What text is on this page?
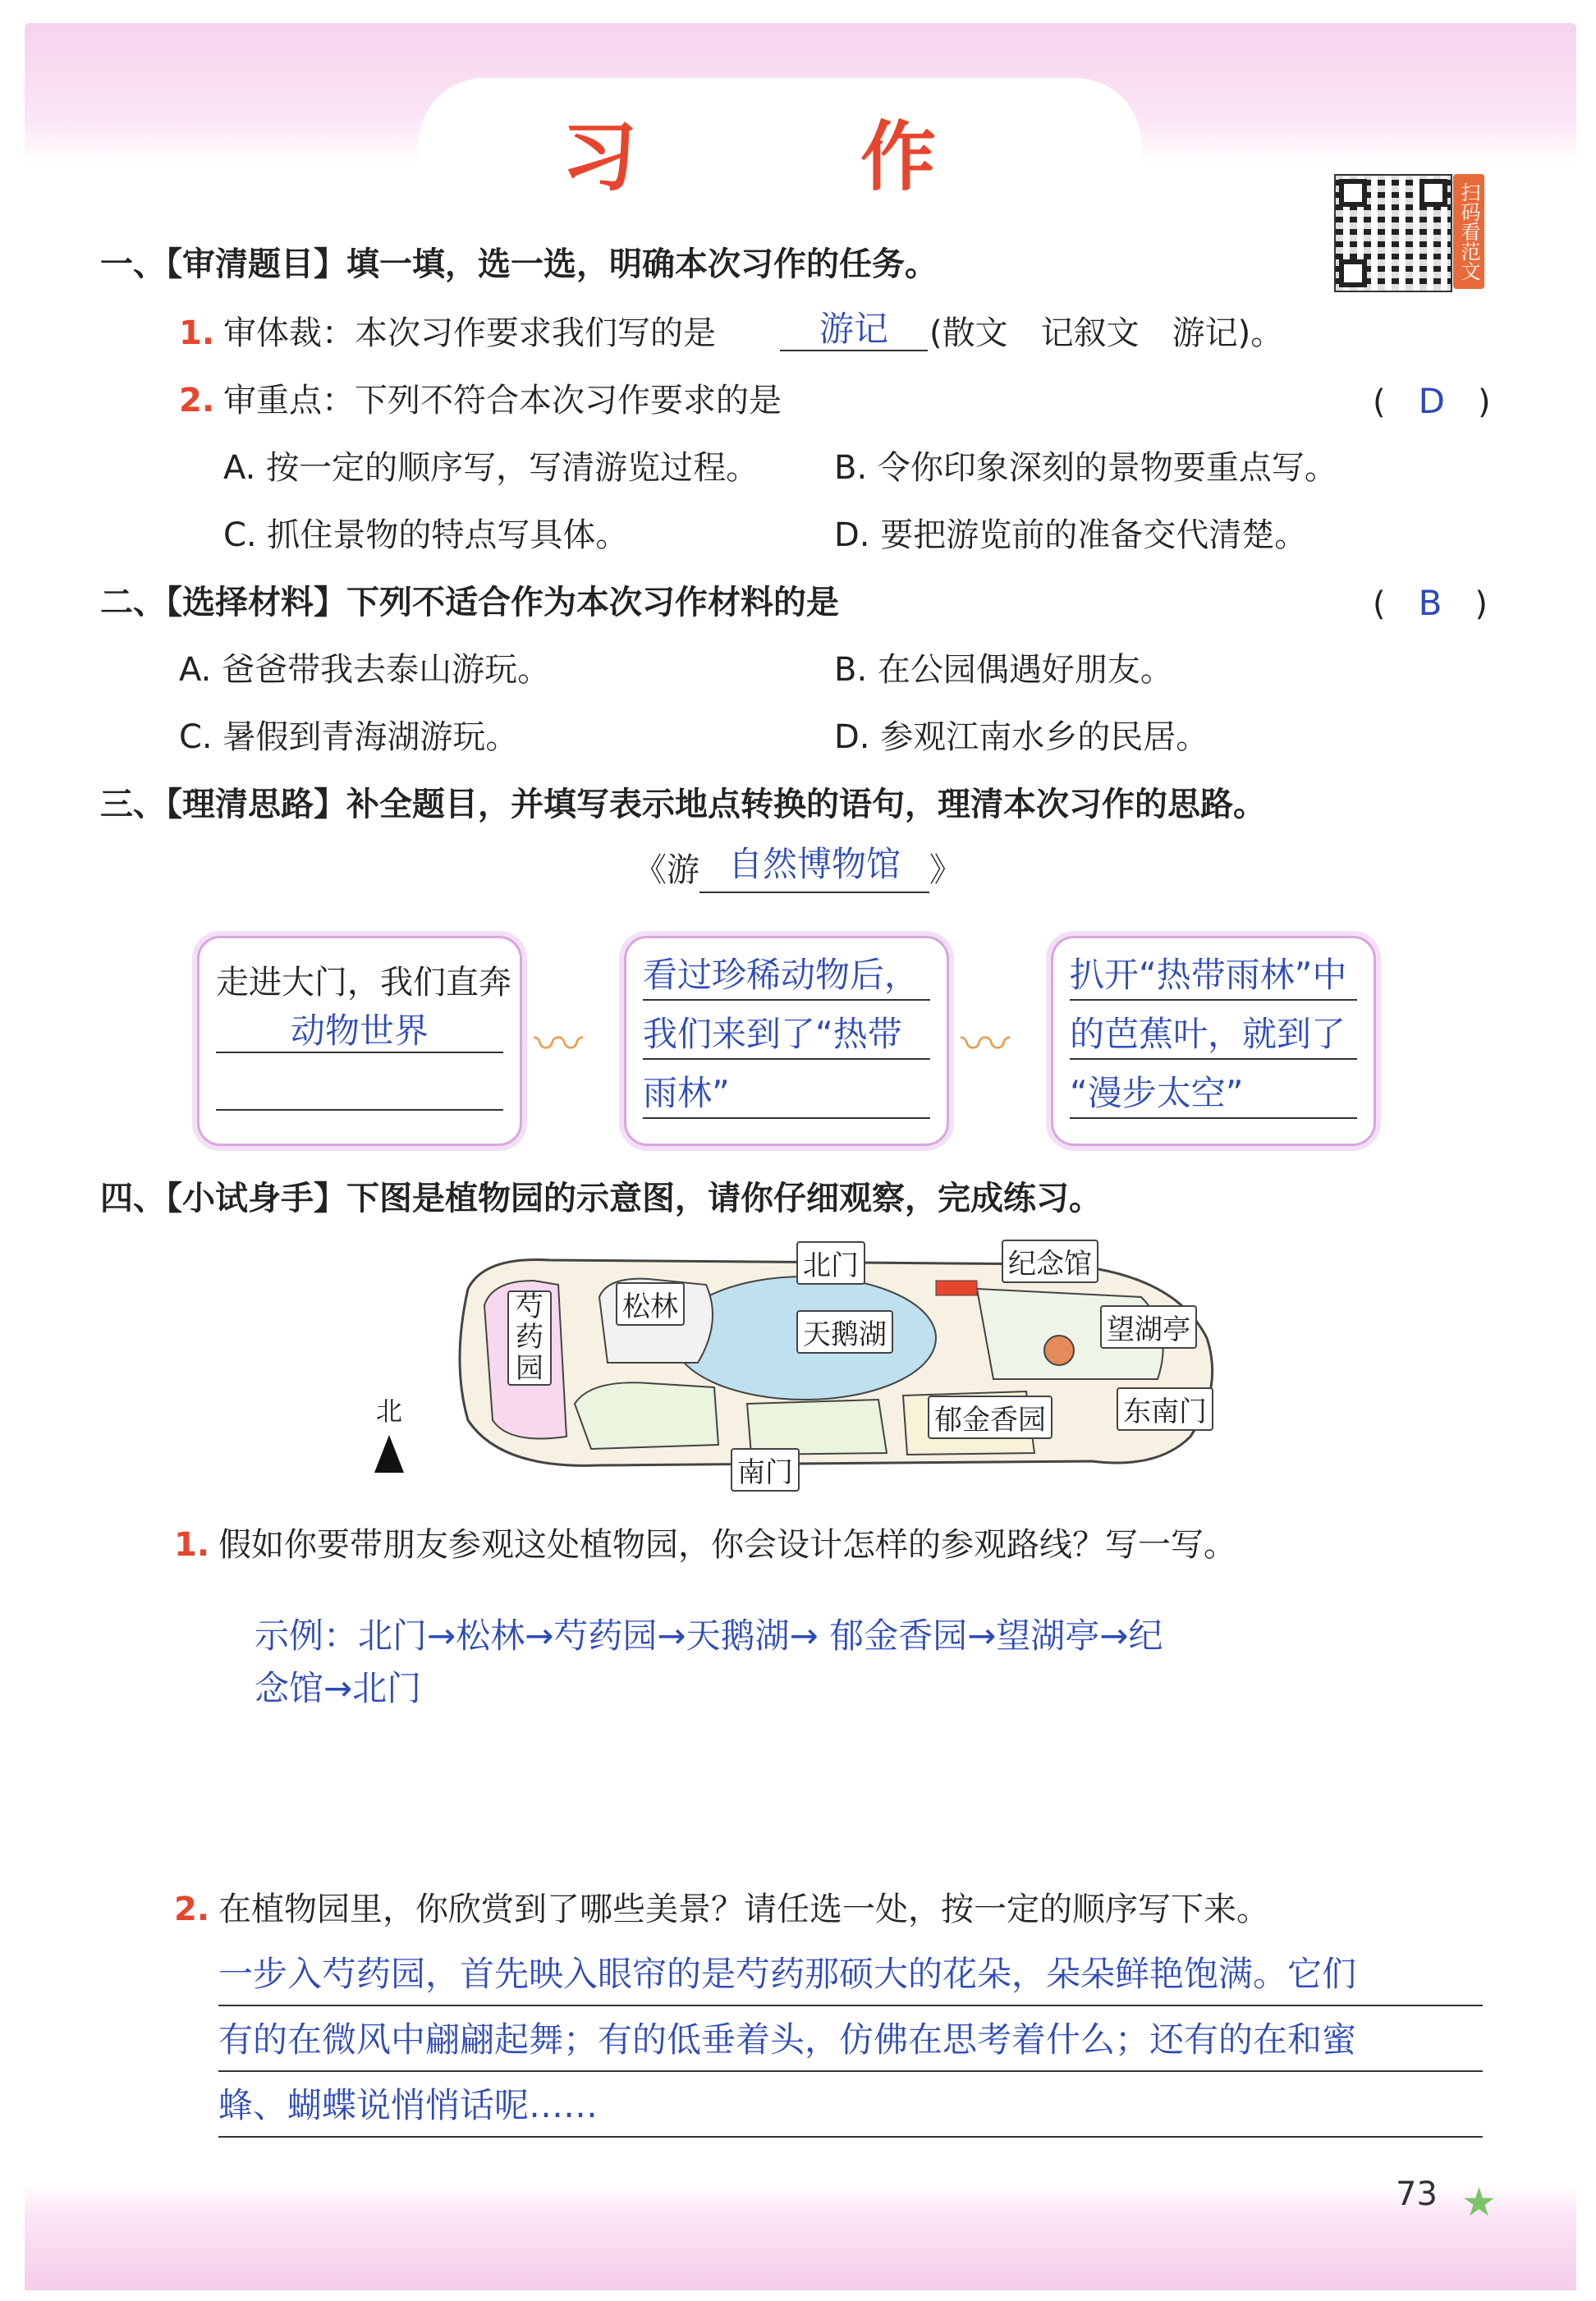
习 作
扫码看范文
一、【审清题目】填一填，选一选，明确本次习作的任务。
1. 审体裁：本次习作要求我们写的是	游记	(散文　记叙文　游记)。
2. 审重点：下列不符合本次习作要求的是	(　D　)
A. 按一定的顺序写，写清游览过程。 B. 令你印象深刻的景物要重点写。
C. 抓住景物的特点写具体。	D. 要把游览前的准备交代清楚。
二、【选择材料】下列不适合作为本次习作材料的是	(　B　)
A. 爸爸带我去泰山游玩。	B. 在公园偶遇好朋友。
C. 暑假到青海湖游玩。	D. 参观江南水乡的民居。
三、【理清思路】补全题目，并填写表示地点转换的语句，理清本次习作的思路。
《游 自然博物馆 》
走进大门，我们直奔
动物世界	〰
看过珍稀动物后，
我们来到了“热带
雨林”
〰
扒开“热带雨林”中
的芭蕉叶，就到了
“漫步太空”
四、【小试身手】下图是植物园的示意图，请你仔细观察，完成练习。
北门	纪念馆
松林
芍药园
天鹅湖	望湖亭
东南门
郁金香园
南门
北
1. 假如你要带朋友参观这处植物园，你会设计怎样的参观路线？写一写。
示例：北门→松林→芍药园→天鹅湖→ 郁金香园→望湖亭→纪
念馆→北门
2. 在植物园里，你欣赏到了哪些美景？请任选一处，按一定的顺序写下来。
一步入芍药园，首先映入眼帘的是芍药那硕大的花朵，朵朵鲜艳饱满。它们
有的在微风中翩翩起舞；有的低垂着头，仿佛在思考着什么；还有的在和蜜
蜂、蝴蝶说悄悄话呢……
73 ★
